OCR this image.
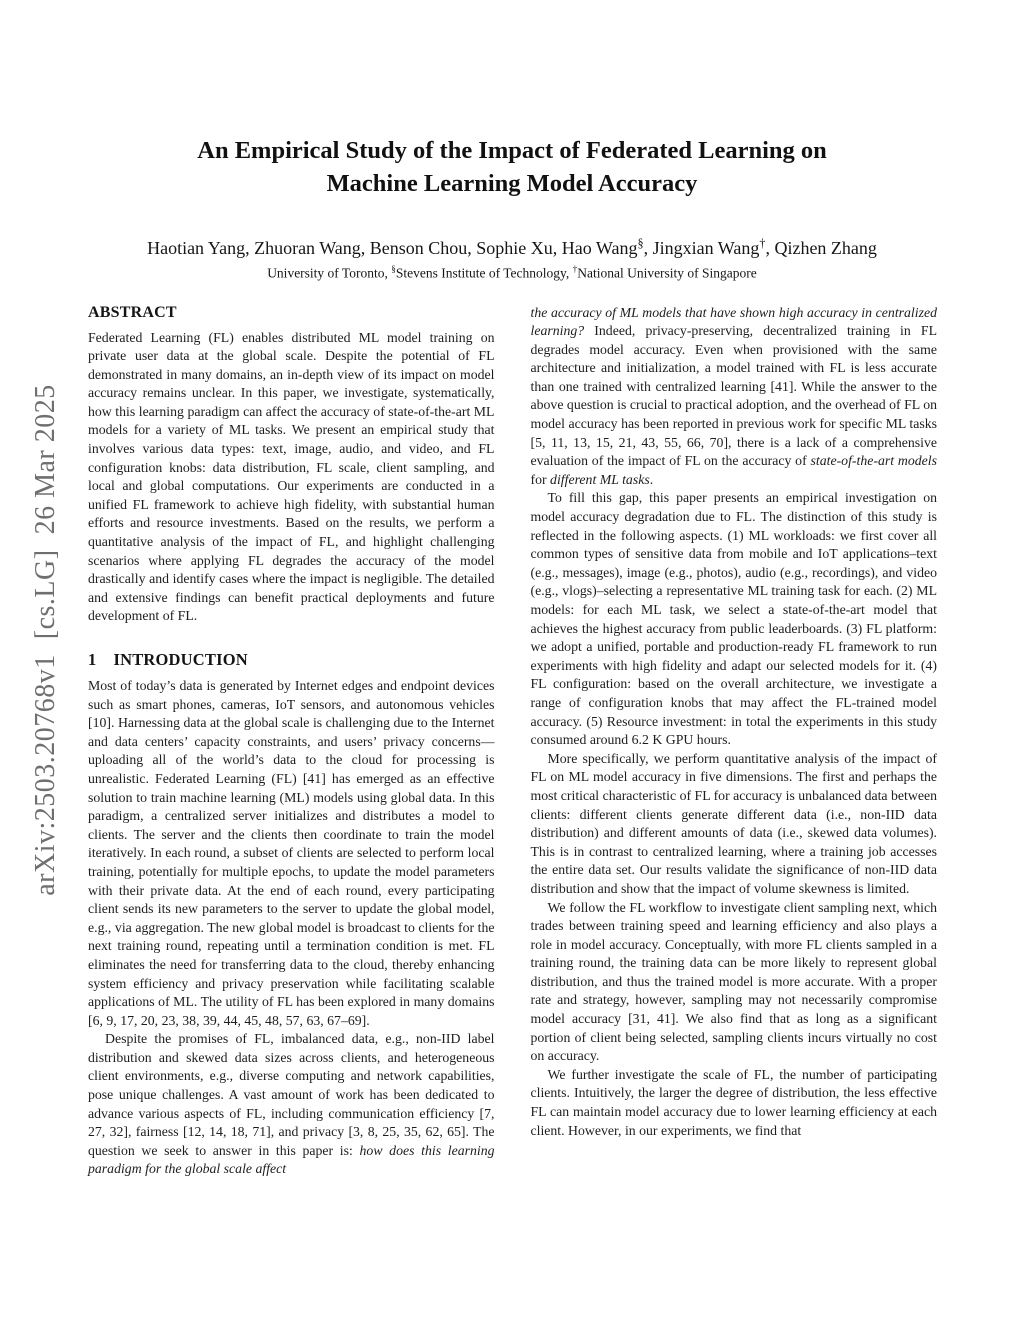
arXiv:2503.20768v1  [cs.LG]  26 Mar 2025
An Empirical Study of the Impact of Federated Learning on
Machine Learning Model Accuracy
Haotian Yang, Zhuoran Wang, Benson Chou, Sophie Xu, Hao Wang§, Jingxian Wang†, Qizhen Zhang
University of Toronto, §Stevens Institute of Technology, †National University of Singapore
ABSTRACT

Federated Learning (FL) enables distributed ML model training on private user data at the global scale. Despite the potential of FL demonstrated in many domains, an in-depth view of its impact on model accuracy remains unclear. In this paper, we investigate, systematically, how this learning paradigm can affect the accuracy of state-of-the-art ML models for a variety of ML tasks. We present an empirical study that involves various data types: text, image, audio, and video, and FL configuration knobs: data distribution, FL scale, client sampling, and local and global computations. Our experiments are conducted in a unified FL framework to achieve high fidelity, with substantial human efforts and resource investments. Based on the results, we perform a quantitative analysis of the impact of FL, and highlight challenging scenarios where applying FL degrades the accuracy of the model drastically and identify cases where the impact is negligible. The detailed and extensive findings can benefit practical deployments and future development of FL.

1 INTRODUCTION

Most of today’s data is generated by Internet edges and endpoint devices such as smart phones, cameras, IoT sensors, and autonomous vehicles [10]. Harnessing data at the global scale is challenging due to the Internet and data centers’ capacity constraints, and users’ privacy concerns—uploading all of the world’s data to the cloud for processing is unrealistic. Federated Learning (FL) [41] has emerged as an effective solution to train machine learning (ML) models using global data. In this paradigm, a centralized server initializes and distributes a model to clients. The server and the clients then coordinate to train the model iteratively. In each round, a subset of clients are selected to perform local training, potentially for multiple epochs, to update the model parameters with their private data. At the end of each round, every participating client sends its new parameters to the server to update the global model, e.g., via aggregation. The new global model is broadcast to clients for the next training round, repeating until a termination condition is met. FL eliminates the need for transferring data to the cloud, thereby enhancing system efficiency and privacy preservation while facilitating scalable applications of ML. The utility of FL has been explored in many domains [6, 9, 17, 20, 23, 38, 39, 44, 45, 48, 57, 63, 67–69].

Despite the promises of FL, imbalanced data, e.g., non-IID label distribution and skewed data sizes across clients, and heterogeneous client environments, e.g., diverse computing and network capabilities, pose unique challenges. A vast amount of work has been dedicated to advance various aspects of FL, including communication efficiency [7, 27, 32], fairness [12, 14, 18, 71], and privacy [3, 8, 25, 35, 62, 65]. The question we seek to answer in this paper is: how does this learning paradigm for the global scale affect

the accuracy of ML models that have shown high accuracy in centralized learning? Indeed, privacy-preserving, decentralized training in FL degrades model accuracy. Even when provisioned with the same architecture and initialization, a model trained with FL is less accurate than one trained with centralized learning [41]. While the answer to the above question is crucial to practical adoption, and the overhead of FL on model accuracy has been reported in previous work for specific ML tasks [5, 11, 13, 15, 21, 43, 55, 66, 70], there is a lack of a comprehensive evaluation of the impact of FL on the accuracy of state-of-the-art models for different ML tasks.

To fill this gap, this paper presents an empirical investigation on model accuracy degradation due to FL. The distinction of this study is reflected in the following aspects. (1) ML workloads: we first cover all common types of sensitive data from mobile and IoT applications–text (e.g., messages), image (e.g., photos), audio (e.g., recordings), and video (e.g., vlogs)–selecting a representative ML training task for each. (2) ML models: for each ML task, we select a state-of-the-art model that achieves the highest accuracy from public leaderboards. (3) FL platform: we adopt a unified, portable and production-ready FL framework to run experiments with high fidelity and adapt our selected models for it. (4) FL configuration: based on the overall architecture, we investigate a range of configuration knobs that may affect the FL-trained model accuracy. (5) Resource investment: in total the experiments in this study consumed around 6.2 K GPU hours.

More specifically, we perform quantitative analysis of the impact of FL on ML model accuracy in five dimensions. The first and perhaps the most critical characteristic of FL for accuracy is unbalanced data between clients: different clients generate different data (i.e., non-IID data distribution) and different amounts of data (i.e., skewed data volumes). This is in contrast to centralized learning, where a training job accesses the entire data set. Our results validate the significance of non-IID data distribution and show that the impact of volume skewness is limited.

We follow the FL workflow to investigate client sampling next, which trades between training speed and learning efficiency and also plays a role in model accuracy. Conceptually, with more FL clients sampled in a training round, the training data can be more likely to represent global distribution, and thus the trained model is more accurate. With a proper rate and strategy, however, sampling may not necessarily compromise model accuracy [31, 41]. We also find that as long as a significant portion of client being selected, sampling clients incurs virtually no cost on accuracy.

We further investigate the scale of FL, the number of participating clients. Intuitively, the larger the degree of distribution, the less effective FL can maintain model accuracy due to lower learning efficiency at each client. However, in our experiments, we find that
